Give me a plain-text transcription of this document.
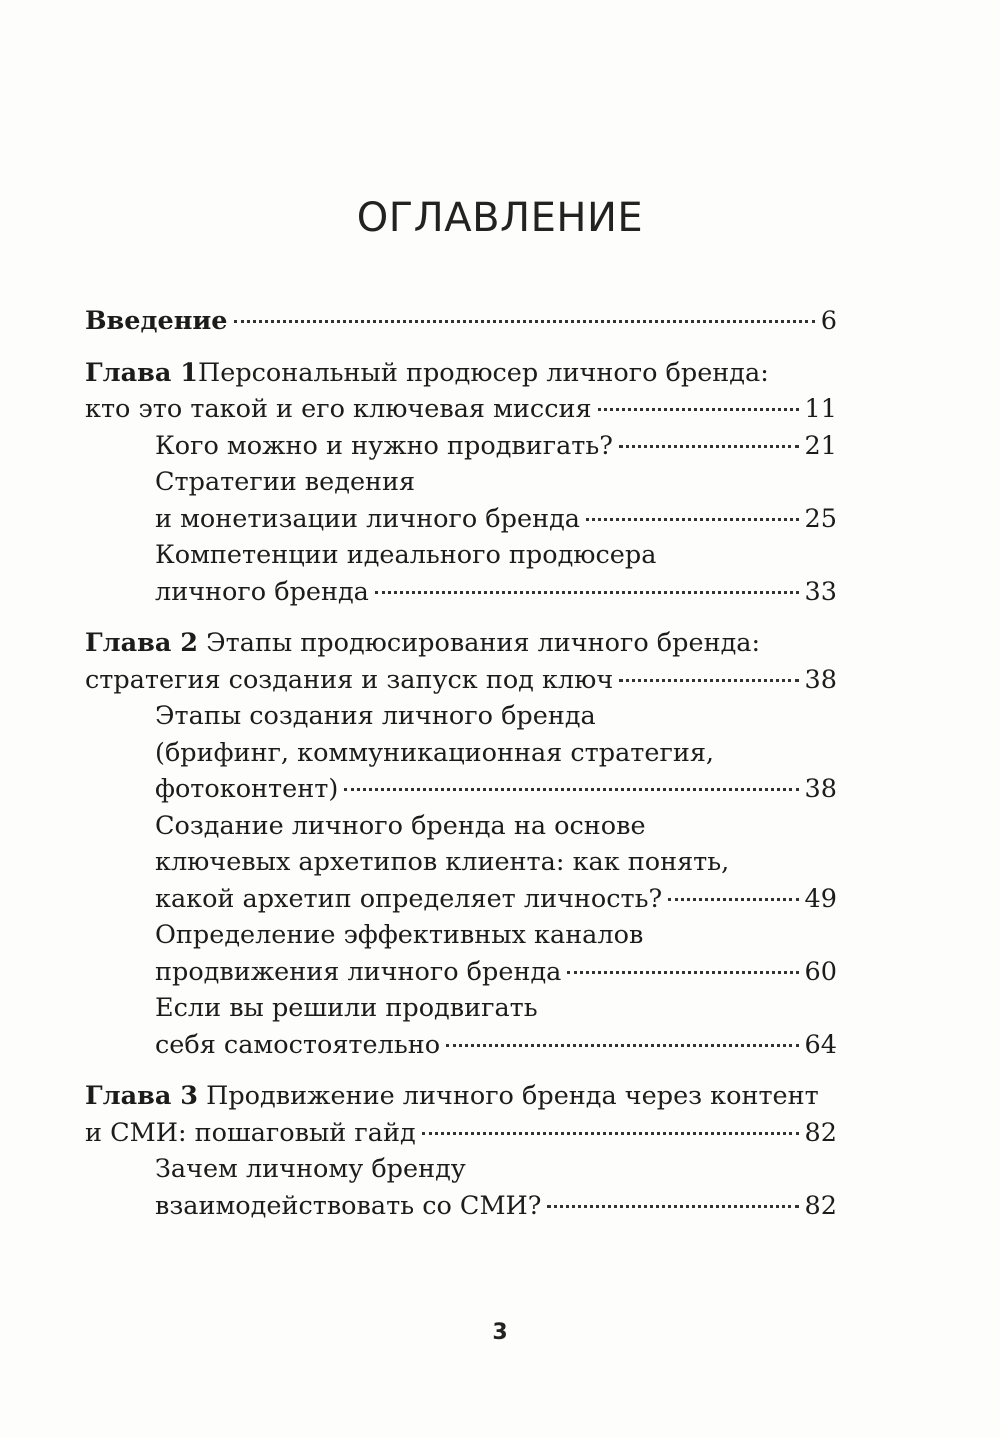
ОГЛАВЛЕНИЕ
Введение	6
Глава 1Персональный продюсер личного бренда:
кто это такой и его ключевая миссия	11
Кого можно и нужно продвигать?	21
Стратегии ведения
и монетизации личного бренда	25
Компетенции идеального продюсера
личного бренда	33
Глава 2 Этапы продюсирования личного бренда:
стратегия создания и запуск под ключ	38
Этапы создания личного бренда
(брифинг, коммуникационная стратегия,
фотоконтент)	38
Создание личного бренда на основе
ключевых архетипов клиента: как понять,
какой архетип определяет личность?	49
Определение эффективных каналов
продвижения личного бренда	60
Если вы решили продвигать
себя самостоятельно	64
Глава 3 Продвижение личного бренда через контент
и СМИ: пошаговый гайд	82
Зачем личному бренду
взаимодействовать со СМИ?	82
3
